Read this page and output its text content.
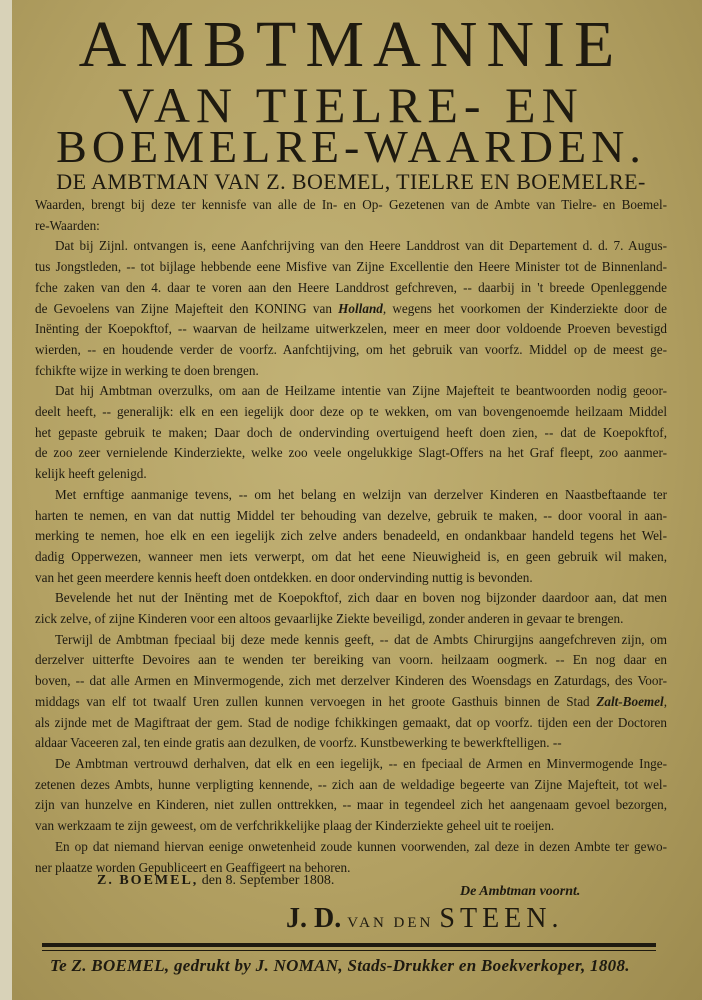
AMBTMANNIE
VAN TIELRE- EN
BOEMELRE-WAARDEN.
DE AMBTMAN VAN Z. BOEMEL, TIELRE EN BOEMELRE-
Waarden, brengt bij deze ter kennisfe van alle de In- en Op- Gezetenen van de Ambte van Tielre- en Boemel-
re-Waarden:
Dat bij Zijnl. ontvangen is, eene Aanfchrijving van den Heere Landdrost van dit Departement d. d. 7. Augus-
tus Jongstleden, -- tot bijlage hebbende eene Misfive van Zijne Excellentie den Heere Minister tot de Binnenland-
fche zaken van den 4. daar te voren aan den Heere Landdrost gefchreven, -- daarbij in 't breede Openleggende
de Gevoelens van Zijne Majefteit den KONING van Holland, wegens het voorkomen der Kinderziekte door de
Inënting der Koepokftof, -- waarvan de heilzame uitwerkzelen, meer en meer door voldoende Proeven bevestigd
wierden, -- en houdende verder de voorfz. Aanfchtijving, om het gebruik van voorfz. Middel op de meest ge-
fchikfte wijze in werking te doen brengen.
Dat hij Ambtman overzulks, om aan de Heilzame intentie van Zijne Majefteit te beantwoorden nodig geoor-
deelt heeft, -- generalijk: elk en een iegelijk door deze op te wekken, om van bovengenoemde heilzaam Middel
het gepaste gebruik te maken; Daar doch de ondervinding overtuigend heeft doen zien, -- dat de Koepokftof,
de zoo zeer vernielende Kinderziekte, welke zoo veele ongelukkige Slagt-Offers na het Graf fleept, zoo aanmer-
kelijk heeft gelenigd.
Met ernftige aanmanige tevens, -- om het belang en welzijn van derzelver Kinderen en Naastbeftaande ter
harten te nemen, en van dat nuttig Middel ter behouding van dezelve, gebruik te maken, -- door vooral in aan-
merking te nemen, hoe elk en een iegelijk zich zelve anders benadeeld, en ondankbaar handeld tegens het Wel-
dadig Opperwezen, wanneer men iets verwerpt, om dat het eene Nieuwigheid is, en geen gebruik wil maken,
van het geen meerdere kennis heeft doen ontdekken. en door ondervinding nuttig is bevonden.
Bevelende het nut der Inënting met de Koepokftof, zich daar en boven nog bijzonder daardoor aan, dat men
zick zelve, of zijne Kinderen voor een altoos gevaarlijke Ziekte beveiligd, zonder anderen in gevaar te brengen.
Terwijl de Ambtman fpeciaal bij deze mede kennis geeft, -- dat de Ambts Chirurgijns aangefchreven zijn, om
derzelver uitterfte Devoires aan te wenden ter bereiking van voorn. heilzaam oogmerk. -- En nog daar en
boven, -- dat alle Armen en Minvermogende, zich met derzelver Kinderen des Woensdags en Zaturdags, des Voor-
middags van elf tot twaalf Uren zullen kunnen vervoegen in het groote Gasthuis binnen de Stad Zalt-Boemel,
als zijnde met de Magiftraat der gem. Stad de nodige fchikkingen gemaakt, dat op voorfz. tijden een der Doctoren
aldaar Vaceeren zal, ten einde gratis aan dezulken, de voorfz. Kunstbewerking te bewerkftelligen. --
De Ambtman vertrouwd derhalven, dat elk en een iegelijk, -- en fpeciaal de Armen en Minvermogende Inge-
zetenen dezes Ambts, hunne verpligting kennende, -- zich aan de weldadige begeerte van Zijne Majefteit, tot wel-
zijn van hunzelve en Kinderen, niet zullen onttrekken, -- maar in tegendeel zich het aangenaam gevoel bezorgen,
van werkzaam te zijn geweest, om de verfchrikkelijke plaag der Kinderziekte geheel uit te roeijen.
En op dat niemand hiervan eenige onwetenheid zoude kunnen voorwenden, zal deze in dezen Ambte ter gewo-
ner plaatze worden Gepubliceert en Geaffigeert na behoren.
Z. BOEMEL, den 8. September 1808.
De Ambtman voornt.
J. D. VAN DEN STEEN.
Te Z. BOEMEL, gedrukt by J. NOMAN, Stads-Drukker en Boekverkoper, 1808.
